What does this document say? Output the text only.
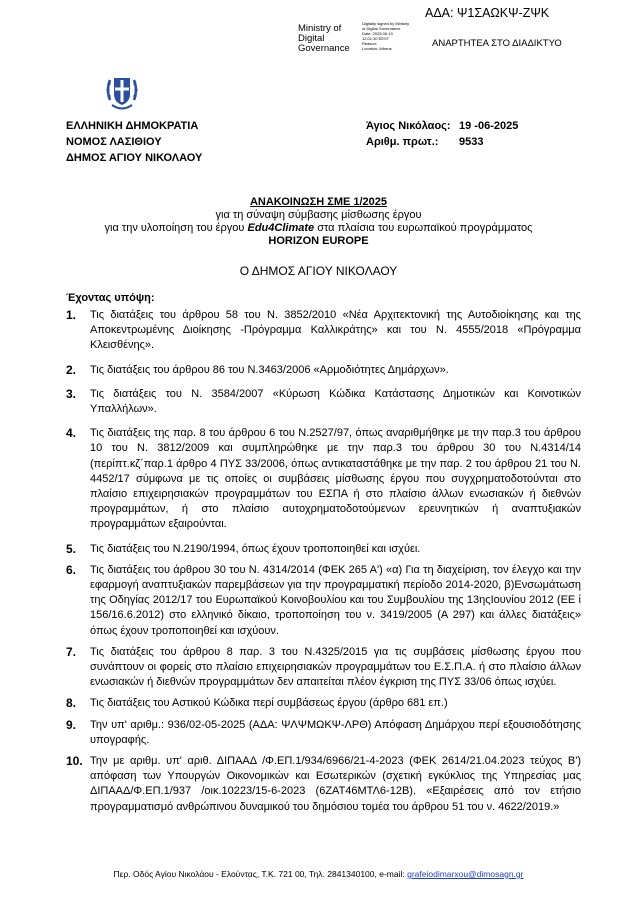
ΑΔΑ: Ψ1ΣΑΩΚΨ-ΖΨΚ
Ministry of
Digital
Governance
Digitally signed by Ministry
of Digital Governance
Date: 2025.06.19
12:01:30 EEST
Reason:
Location: Athens	ΑΝΑΡΤΗΤΕΑ ΣΤΟ ΔΙΑΔΙΚΤΥΟ
ΕΛΛΗΝΙΚΗ ΔΗΜΟΚΡΑΤΙΑ
ΝΟΜΟΣ ΛΑΣΙΘΙΟΥ
ΔΗΜΟΣ ΑΓΙΟΥ ΝΙΚΟΛΑΟΥ
Άγιος Νικόλαος: 19 -06-2025
Αριθμ. πρωτ.: 9533
ΑΝΑΚΟΙΝΩΣΗ ΣΜΕ 1/2025
για τη σύναψη σύμβασης μίσθωσης έργου
για την υλοποίηση του έργου Edu4Climate στα πλαίσια του ευρωπαϊκού προγράμματος
HORIZON EUROPE
Ο ΔΗΜΟΣ ΑΓΙΟΥ ΝΙΚΟΛΑΟΥ
Έχοντας υπόψη:
1. Τις διατάξεις του άρθρου 58 του Ν. 3852/2010 «Νέα Αρχιτεκτονική της Αυτοδιοίκησης και της Αποκεντρωμένης Διοίκησης -Πρόγραμμα Καλλικράτης» και του Ν. 4555/2018 «Πρόγραμμα Κλεισθένης».
2. Τις διατάξεις του άρθρου 86 του Ν.3463/2006 «Αρμοδιότητες Δημάρχων».
3. Τις διατάξεις του Ν. 3584/2007 «Κύρωση Κώδικα Κατάστασης Δημοτικών και Κοινοτικών Υπαλλήλων».
4. Τις διατάξεις της παρ. 8 του άρθρου 6 του Ν.2527/97, όπως αναριθμήθηκε με την παρ.3 του άρθρου 10 του Ν. 3812/2009 και συμπληρώθηκε με την παρ.3 του άρθρου 30 του Ν.4314/14 (περίπτ.κζ΄παρ.1 άρθρο 4 ΠΥΣ 33/2006, όπως αντικαταστάθηκε με την παρ. 2 του άρθρου 21 του Ν. 4452/17 σύμφωνα με τις οποίες οι συμβάσεις μίσθωσης έργου που συγχρηματοδοτούνται στο πλαίσιο επιχειρησιακών προγραμμάτων του ΕΣΠΑ ή στο πλαίσιο άλλων ενωσιακών ή διεθνών προγραμμάτων, ή στο πλαίσιο αυτοχρηματοδοτούμενων ερευνητικών ή αναπτυξιακών προγραμμάτων εξαιρούνται.
5. Τις διατάξεις του Ν.2190/1994, όπως έχουν τροποποιηθεί και ισχύει.
6. Τις διατάξεις του άρθρου 30 του Ν. 4314/2014 (ΦΕΚ 265 Α') «α) Για τη διαχείριση, τον έλεγχο και την εφαρμογή αναπτυξιακών παρεμβάσεων για την προγραμματική περίοδο 2014-2020, β)Ενσωμάτωση της Οδηγίας 2012/17 του Ευρωπαϊκού Κοινοβουλίου και του Συμβουλίου της 13ηςΙουνίου 2012 (ΕΕ ί 156/16.6.2012) στο ελληνικό δίκαιο, τροποποίηση του ν. 3419/2005 (Α 297) και άλλες διατάξεις» όπως έχουν τροποποιηθεί και ισχύουν.
7. Τις διατάξεις του άρθρου 8 παρ. 3 του Ν.4325/2015 για τις συμβάσεις μίσθωσης έργου που συνάπτουν οι φορείς στο πλαίσιο επιχειρησιακών προγραμμάτων του Ε.Σ.Π.Α. ή στο πλαίσιο άλλων ενωσιακών ή διεθνών προγραμμάτων δεν απαιτείται πλέον έγκριση της ΠΥΣ 33/06 όπως ισχύει.
8. Τις διατάξεις του Αστικού Κώδικα περί συμβάσεως έργου (άρθρο 681 επ.)
9. Την υπ' αριθμ.: 936/02-05-2025 (ΑΔΑ: ΨΛΨΜΩΚΨ-ΛΡΘ) Απόφαση Δημάρχου περί εξουσιοδότησης υπογραφής.
10. Την με αριθμ. υπ' αριθ. ΔΙΠΑΑΔ /Φ.ΕΠ.1/934/6966/21-4-2023 (ΦΕΚ 2614/21.04.2023 τεύχος Β') απόφαση των Υπουργών Οικονομικών και Εσωτερικών (σχετική εγκύκλιος της Υπηρεσίας μας ΔΙΠΑΑΔ/Φ.ΕΠ.1/937 /οικ.10223/15-6-2023 (6ΖΑΤ46ΜΤΛ6-12Β). «Εξαιρέσεις από τον ετήσιο προγραμματισμό ανθρώπινου δυναμικού του δημόσιου τομέα του άρθρου 51 του ν. 4622/2019.»
Περ. Οδός Αγίου Νικολάου - Ελούντας, Τ.Κ. 721 00, Τηλ. 2841340100, e-mail: grafeiodimarxou@dimosagn.gr
